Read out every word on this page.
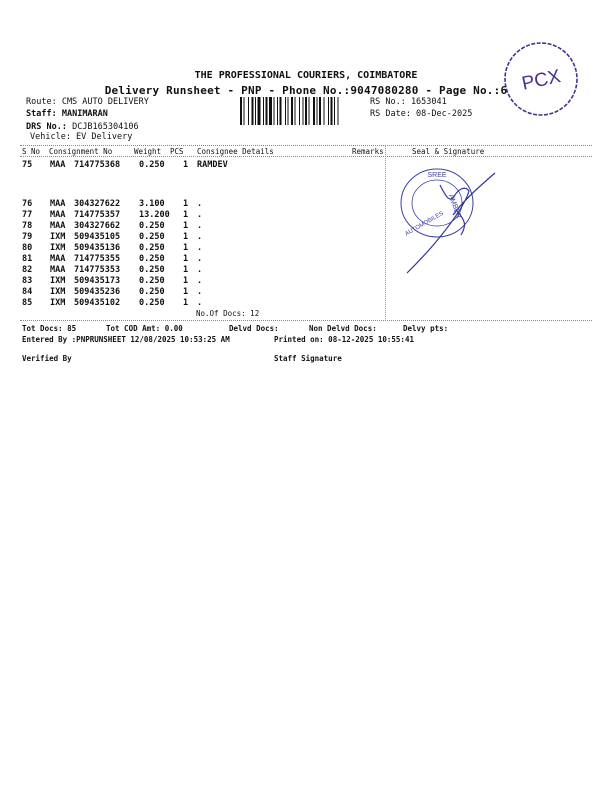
THE PROFESSIONAL COURIERS, COIMBATORE
Delivery Runsheet - PNP - Phone No.:9047080280 - Page No.:6 PCX
Route: CMS AUTO DELIVERY
Staff: MANIMARAN
DRS No.: DCJB165304106
Vehicle: EV Delivery
RS No.: 1653041
RS Date: 08-Dec-2025
S No Consignment No	Weight PCS Consignee Details	Remarks	Seal & Signature
75 MAA 714775368 0.250 1 RAMDEV
76 MAA 304327622 3.100 1 .
77 MAA 714775357 13.200 1 .
78 MAA 304327662 0.250 1 .
79 IXM 509435105 0.250 1 .
80 IXM 509435136 0.250 1 .
81 MAA 714775355 0.250 1 .
82 MAA 714775353 0.250 1 .
83 IXM 509435173 0.250 1 .
84 IXM 509435236 0.250 1 .
85 IXM 509435102 0.250 1 .
SREE
AMBER
AUTOMOBILES
No.Of Docs: 12
Tot Docs: 85	Tot COD Amt: 0.00	Delvd Docs:	Non Delvd Docs:	Delvy pts:
Entered By :PNPRUNSHEET 12/08/2025 10:53:25 AM	Printed on: 08-12-2025 10:55:41
Verified By	Staff Signature
